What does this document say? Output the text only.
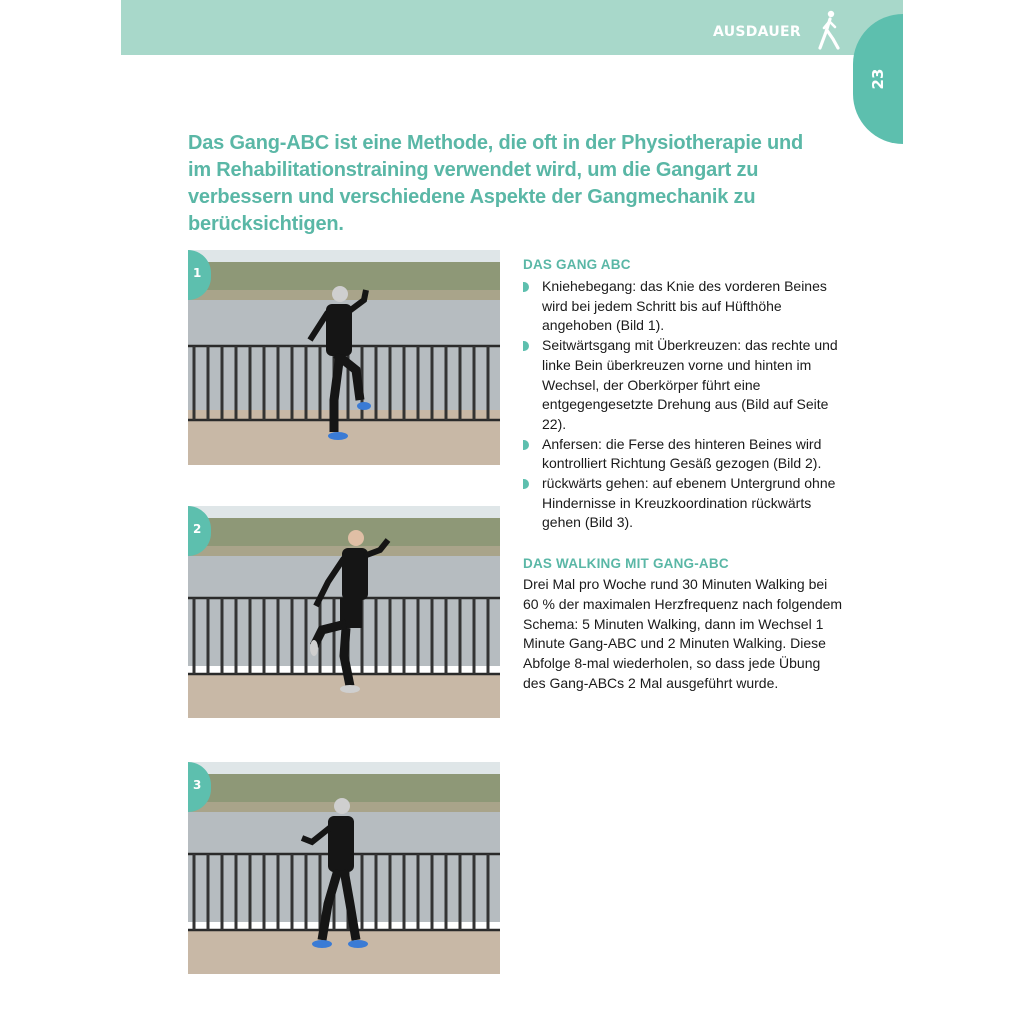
AUSDAUER
23

Das Gang-ABC ist eine Methode, die oft in der Physiotherapie und im Rehabilitationstraining verwendet wird, um die Gangart zu verbessern und verschiedene Aspekte der Gangmechanik zu berücksichtigen.

1
2
3
DAS GANG ABC
Kniehebegang: das Knie des vorderen Beines wird bei jedem Schritt bis auf Hüfthöhe angehoben (Bild 1).
Seitwärtsgang mit Überkreuzen: das rechte und linke Bein überkreuzen vorne und hinten im Wechsel, der Oberkörper führt eine entgegengesetzte Drehung aus (Bild auf Seite 22).
Anfersen: die Ferse des hinteren Beines wird kontrolliert Richtung Gesäß gezogen (Bild 2).
rückwärts gehen: auf ebenem Untergrund ohne Hindernisse in Kreuzkoordination rückwärts gehen (Bild 3).
DAS WALKING MIT GANG-ABC

Drei Mal pro Woche rund 30 Minuten Walking bei 60 % der maximalen Herzfrequenz nach folgendem Schema: 5 Minuten Walking, dann im Wechsel 1 Minute Gang-ABC und 2 Minuten Walking. Diese Abfolge 8-mal wiederholen, so dass jede Übung des Gang-ABCs 2 Mal ausgeführt wurde.
